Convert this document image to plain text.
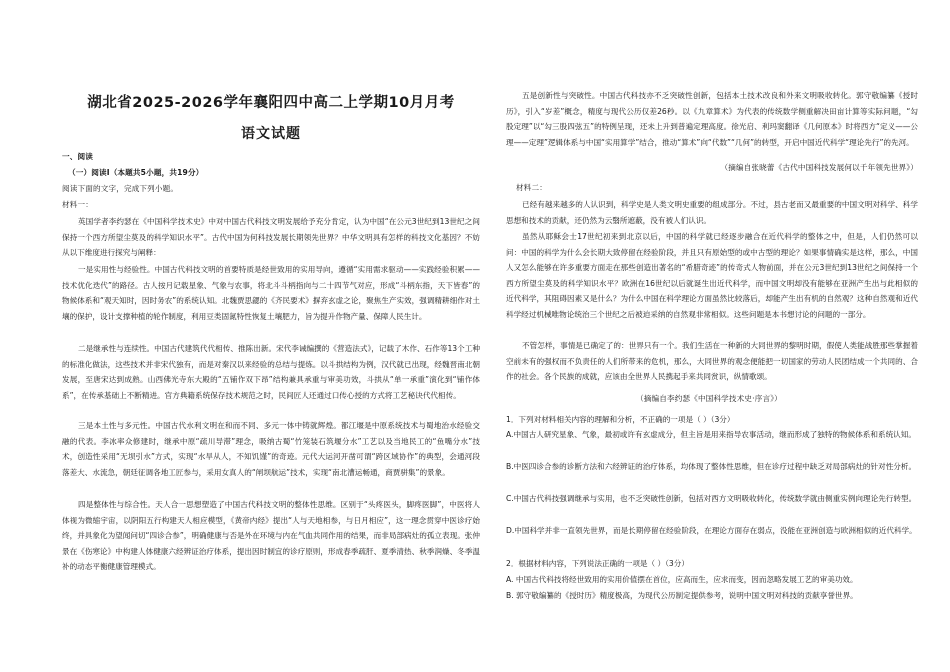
湖北省2025-2026学年襄阳四中高二上学期10月月考
语文试题
一、阅读
（一）阅读Ⅰ（本题共5小题，共19分）
阅读下面的文字，完成下列小题。
材料一：
英国学者李约瑟在《中国科学技术史》中对中国古代科技文明发展给予充分肯定，认为中国“在公元3世纪到13世纪之间保持一个西方所望尘莫及的科学知识水平”。古代中国为何科技发展长期领先世界？中华文明具有怎样的科技文化基因？不妨从以下维度进行探究与阐释：
一是实用性与经验性。中国古代科技文明的首要特质是经世致用的实用导向，遵循“实用需求驱动——实践经验积累——技术优化迭代”的路径。古人按月记载星象、气象与农事，将北斗斗柄指向与二十四节气对应，形成“斗柄东指，天下皆春”的物候体系和“观天知时，因时务农”的系统认知。北魏贾思勰的《齐民要术》摒弃玄虚之论，聚焦生产实效，强调精耕细作对土壤的保护，设计支撑种植的轮作制度，利用豆类固氮特性恢复土壤肥力，旨为提升作物产量、保障人民生计。
二是继承性与连续性。中国古代建筑代代相传、推陈出新。宋代李诫编撰的《营造法式》，记载了木作、石作等13个工种的标准化做法，这些技术并非宋代独有，而是对秦汉以来经验的总结与提炼。以斗拱结构为例，汉代就已出现，经魏晋南北朝发展，至唐宋达到成熟。山西佛光寺东大殿的“五铺作双下昂”结构兼具承重与审美功效，斗拱从“单一承重”演化到“铺作体系”，在传承基础上不断精进。官方典籍系统保存技术规范之时，民间匠人还通过口传心授的方式将工艺秘诀代代相传。
三是本土性与多元性。中国古代水利文明在和而不同、多元一体中铸就辉煌。都江堰是中原系统技术与蜀地治水经验交融的代表。李冰率众修建时，继承中原“疏川导滞”理念，吸纳古蜀“竹笼装石筑堰分水”工艺以及当地民工的“鱼嘴分水”技术，创造性采用“无坝引水”方式，实现“水旱从人，不知饥馑”的奇迹。元代大运河开凿可谓“跨区域协作”的典型，会通河段落差大、水流急，朝廷征调各地工匠参与，采用女真人的“闸坝航运”技术，实现“南北漕运畅通，商贾骈集”的景象。
四是整体性与综合性。天人合一思想塑造了中国古代科技文明的整体性思维。区别于“头疼医头，脚疼医脚”，中医将人体视为微缩宇宙，以阴阳五行构建天人相应模型，《黄帝内经》提出“人与天地相参，与日月相应”，这一理念贯穿中医诊疗始终，并具象化为望闻问切“四诊合参”，明确健康与否是外在环境与内在气血共同作用的结果，而非局部病灶的孤立表现。张仲景在《伤寒论》中构建人体健康六经辨证治疗体系，提出因时制宜的诊疗原则，形成春季疏肝、夏季清热、秋季润燥、冬季温补的动态平衡健康管理模式。
五是创新性与突破性。中国古代科技亦不乏突破性创新，包括本土技术改良和外来文明吸收转化。郭守敬编纂《授时历》，引入“岁差”概念，精度与现代公历仅差26秒。以《九章算术》为代表的传统数学侧重解决田亩计算等实际问题，“勾股定理”以“勾三股四弦五”的特例呈现，还未上升到普遍定理高度。徐光启、利玛窦翻译《几何原本》时将西方“定义——公理——定理”逻辑体系与中国“实用算学”结合，推动“算术”向“代数”“几何”的转型，开启中国近代科学“理论先行”的先河。
（摘编自张晓蕾《古代中国科技发展何以千年领先世界》）
材料二：
已经有越来越多的人认识到，科学史是人类文明史重要的组成部分。不过，县古老而又最重要的中国文明对科学、科学思想和技术的贡献，还仍然为云翳所遮蔽，没有被人们认识。
虽然从耶稣会士17世纪初来到北京以后，中国的科学就已经逐步融合在近代科学的整体之中，但是，人们仍然可以问：中国的科学为什么会长期大致停留在经验阶段，并且只有原始型的或中古型的理论？如果事情确实是这样，那么，中国人又怎么能够在许多重要方面走在那些创造出著名的“希腊奇迹”的传奇式人物前面，并在公元3世纪到13世纪之间保持一个西方所望尘莫及的科学知识水平？欧洲在16世纪以后就诞生出近代科学，而中国文明却没有能够在亚洲产生出与此相似的近代科学，其阻碍因素又是什么？为什么中国在科学理论方面虽然比较落后，却能产生出有机的自然观？这种自然观和近代科学经过机械唯物论统治三个世纪之后被迫采纳的自然观非常相似。这些问题是本书想讨论的问题的一部分。
不管怎样，事情是已确定了的：世界只有一个。我们生活在一种新的大同世界的黎明时期，假使人类能战胜那些掌握着空前未有的强权而不负责任的人们所带来的危机，那么，大同世界的观念便能把一切国家的劳动人民团结成一个共同的、合作的社会。各个民族的成就，应该由全世界人民携起手来共同赏识，纵情歌颂。
（摘编自李约瑟《中国科学技术史·序言》）
1．下列对材料相关内容的理解和分析，不正确的一项是（ ）（3分）
A.中国古人研究星象、气象，最初或许有玄虚成分，但主旨是用来指导农事活动，继而形成了独特的物候体系和系统认知。
B.中医四诊合参的诊断方法和六经辨证的治疗体系，均体现了整体性思维，但在诊疗过程中缺乏对局部病灶的针对性分析。
C.中国古代科技强调继承与实用，也不乏突破性创新，包括对西方文明吸收转化，传统数学就由侧重实例向理论先行转型。
D.中国科学并非一直领先世界，而是长期停留在经验阶段，在理论方面存在弱点，没能在亚洲创造与欧洲相似的近代科学。
2．根据材料内容，下列说法正确的一项是（ ）（3分）
A. 中国古代科技将经世致用的实用价值摆在首位，应高而生，应求而变，因而忽略发展工艺的审美功效。
B. 郭守敬编纂的《授时历》精度极高，为现代公历制定提供参考，说明中国文明对科技的贡献享誉世界。
